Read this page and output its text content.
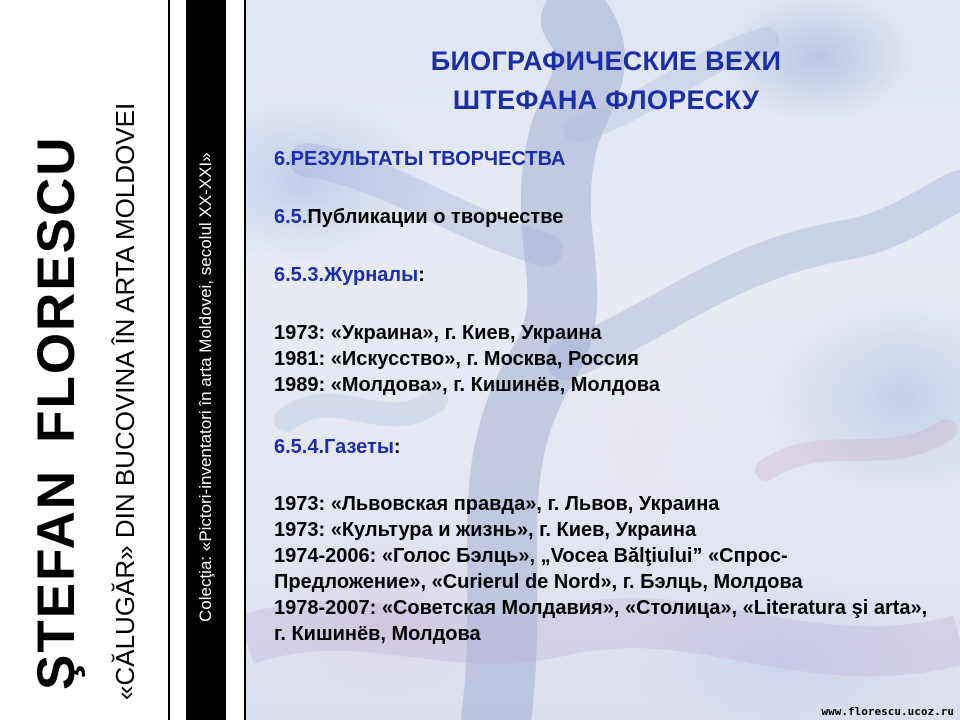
ŞTEFANFLORESCU «CĂLUGĂR» DIN BUCOVINA ÎN ARTA MOLDOVEI	Colecţia: «Pictori-inventatori în arta Moldovei, secolul XX-XXI»
БИОГРАФИЧЕСКИЕ ВЕХИ
ШТЕФАНА ФЛОРЕСКУ
6.РЕЗУЛЬТАТЫ ТВОРЧЕСТВА
6.5.Публикации о творчестве
6.5.3.Журналы:
1973: «Украина», г. Киев, Украина
1981: «Искусство», г. Москва, Россия
1989: «Молдова», г. Кишинёв, Молдова
6.5.4.Газеты:
1973: «Львовская правда», г. Львов, Украина
1973: «Культура и жизнь», г. Киев, Украина
1974-2006: «Голос Бэлць», „Vocea Bălţiului” «Спрос-Предложение», «Curierul de Nord», г. Бэлць, Молдова
1978-2007: «Советская Молдавия», «Столица», «Literatura şi arta», г. Кишинёв, Молдова
www.florescu.ucoz.ru
